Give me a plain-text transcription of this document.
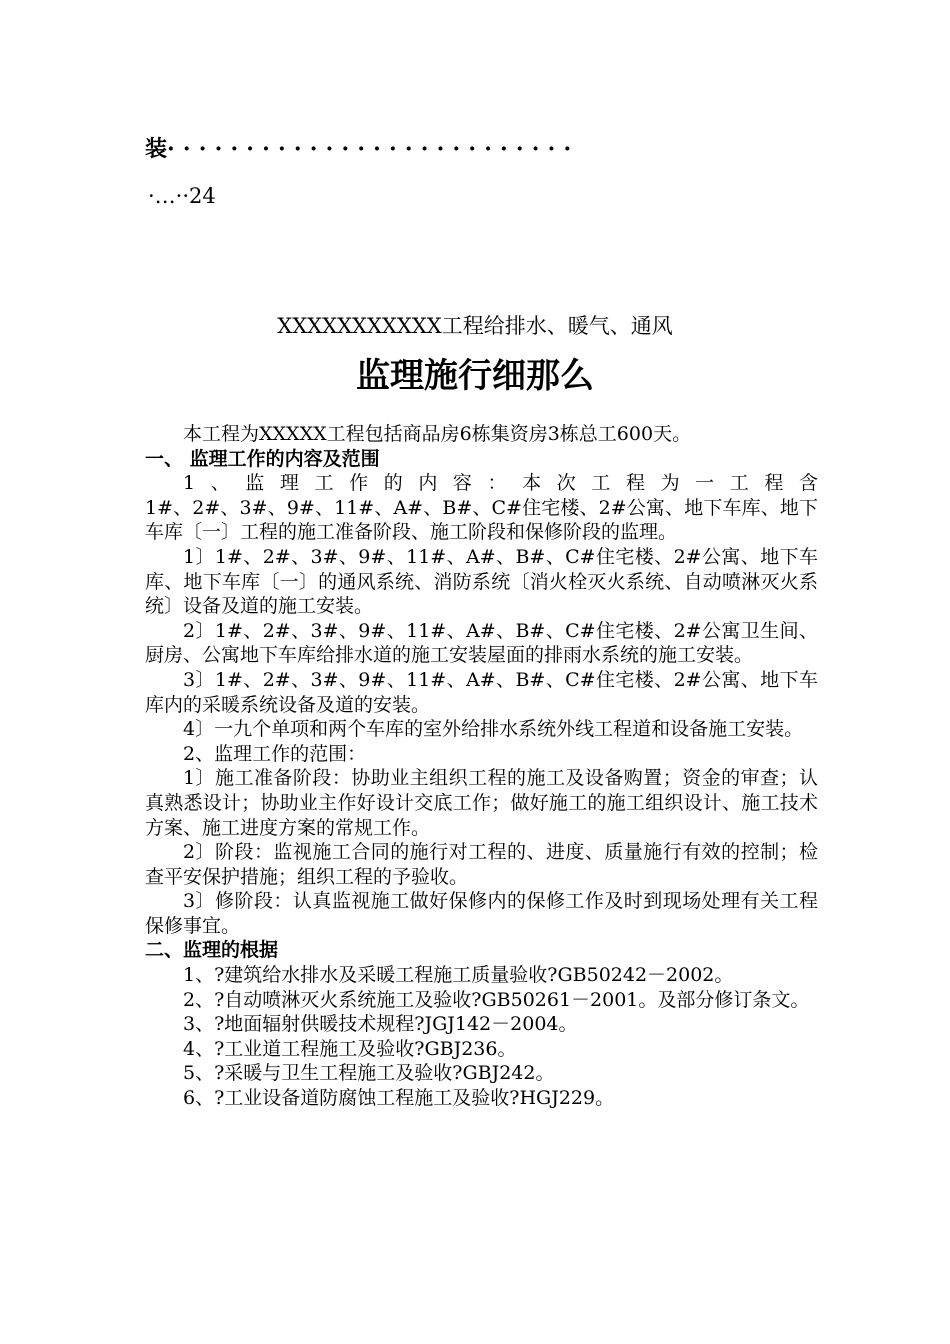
装··························
·…··24
XXXXXXXXXXX工程给排水、暖气、通风
监理施行细那么

本工程为XXXXX工程包括商品房6栋集资房3栋总工600天。

一、 监理工作的内容及范围

1、监理工作的内容：本次工程为一工程含

1#、2#、3#、9#、11#、A#、B#、C#住宅楼、2#公寓、地下车库、地下车库〔一〕工程的施工准备阶段、施工阶段和保修阶段的监理。

1〕1#、2#、3#、9#、11#、A#、B#、C#住宅楼、2#公寓、地下车库、地下车库〔一〕的通风系统、消防系统〔消火栓灭火系统、自动喷淋灭火系统〕设备及道的施工安装。

2〕1#、2#、3#、9#、11#、A#、B#、C#住宅楼、2#公寓卫生间、厨房、公寓地下车库给排水道的施工安装屋面的排雨水系统的施工安装。

3〕1#、2#、3#、9#、11#、A#、B#、C#住宅楼、2#公寓、地下车库内的采暖系统设备及道的安装。

4〕一九个单项和两个车库的室外给排水系统外线工程道和设备施工安装。

2、监理工作的范围：

1〕施工准备阶段：协助业主组织工程的施工及设备购置；资金的审查；认真熟悉设计；协助业主作好设计交底工作；做好施工的施工组织设计、施工技术方案、施工进度方案的常规工作。

2〕阶段：监视施工合同的施行对工程的、进度、质量施行有效的控制；检查平安保护措施；组织工程的予验收。

3〕修阶段：认真监视施工做好保修内的保修工作及时到现场处理有关工程保修事宜。

二、监理的根据

1、?建筑给水排水及采暖工程施工质量验收?GB50242－2002。

2、?自动喷淋灭火系统施工及验收?GB50261－2001。及部分修订条文。

3、?地面辐射供暖技术规程?JGJ142－2004。

4、?工业道工程施工及验收?GBJ236。

5、?采暖与卫生工程施工及验收?GBJ242。

6、?工业设备道防腐蚀工程施工及验收?HGJ229。
